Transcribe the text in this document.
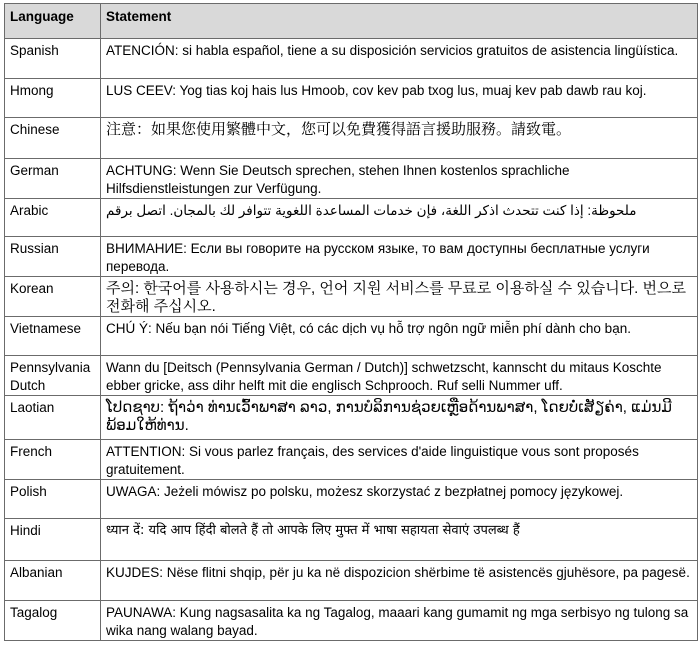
Language	Statement
Spanish	ATENCIÓN: si habla español, tiene a su disposición servicios gratuitos de asistencia lingüística.
Hmong	LUS CEEV: Yog tias koj hais lus Hmoob, cov kev pab txog lus, muaj kev pab dawb rau koj.
Chinese	注意：如果您使用繁體中文，您可以免費獲得語言援助服務。請致電。
German	ACHTUNG: Wenn Sie Deutsch sprechen, stehen Ihnen kostenlos sprachliche Hilfsdienstleistungen zur Verfügung.
Arabic	ملحوظة: إذا كنت تتحدث اذكر اللغة، فإن خدمات المساعدة اللغوية تتوافر لك بالمجان. اتصل برقم
Russian	ВНИМАНИЕ: Если вы говорите на русском языке, то вам доступны бесплатные услуги перевода.
Korean	주의: 한국어를 사용하시는 경우, 언어 지원 서비스를 무료로 이용하실 수 있습니다. 번으로 전화해 주십시오.
Vietnamese	CHÚ Ý: Nếu bạn nói Tiếng Việt, có các dịch vụ hỗ trợ ngôn ngữ miễn phí dành cho bạn.
Pennsylvania Dutch	Wann du [Deitsch (Pennsylvania German / Dutch)] schwetzscht, kannscht du mitaus Koschte ebber gricke, ass dihr helft mit die englisch Schprooch. Ruf selli Nummer uff.
Laotian	ໂປດຊາບ: ຖ້າວ່າ ທ່ານເວົ້າພາສາ ລາວ, ການບໍລິການຊ່ວຍເຫຼືອດ້ານພາສາ, ໂດຍບໍ່ເສັຽຄ່າ, ແມ່ນມີພ້ອມໃຫ້ທ່ານ.
French	ATTENTION: Si vous parlez français, des services d'aide linguistique vous sont proposés gratuitement.
Polish	UWAGA: Jeżeli mówisz po polsku, możesz skorzystać z bezpłatnej pomocy językowej.
Hindi	ध्यान दें: यदि आप हिंदी बोलते हैं तो आपके लिए मुफ्त में भाषा सहायता सेवाएं उपलब्ध हैं
Albanian	KUJDES: Nëse flitni shqip, për ju ka në dispozicion shërbime të asistencës gjuhësore, pa pagesë.
Tagalog	PAUNAWA: Kung nagsasalita ka ng Tagalog, maaari kang gumamit ng mga serbisyo ng tulong sa wika nang walang bayad.
